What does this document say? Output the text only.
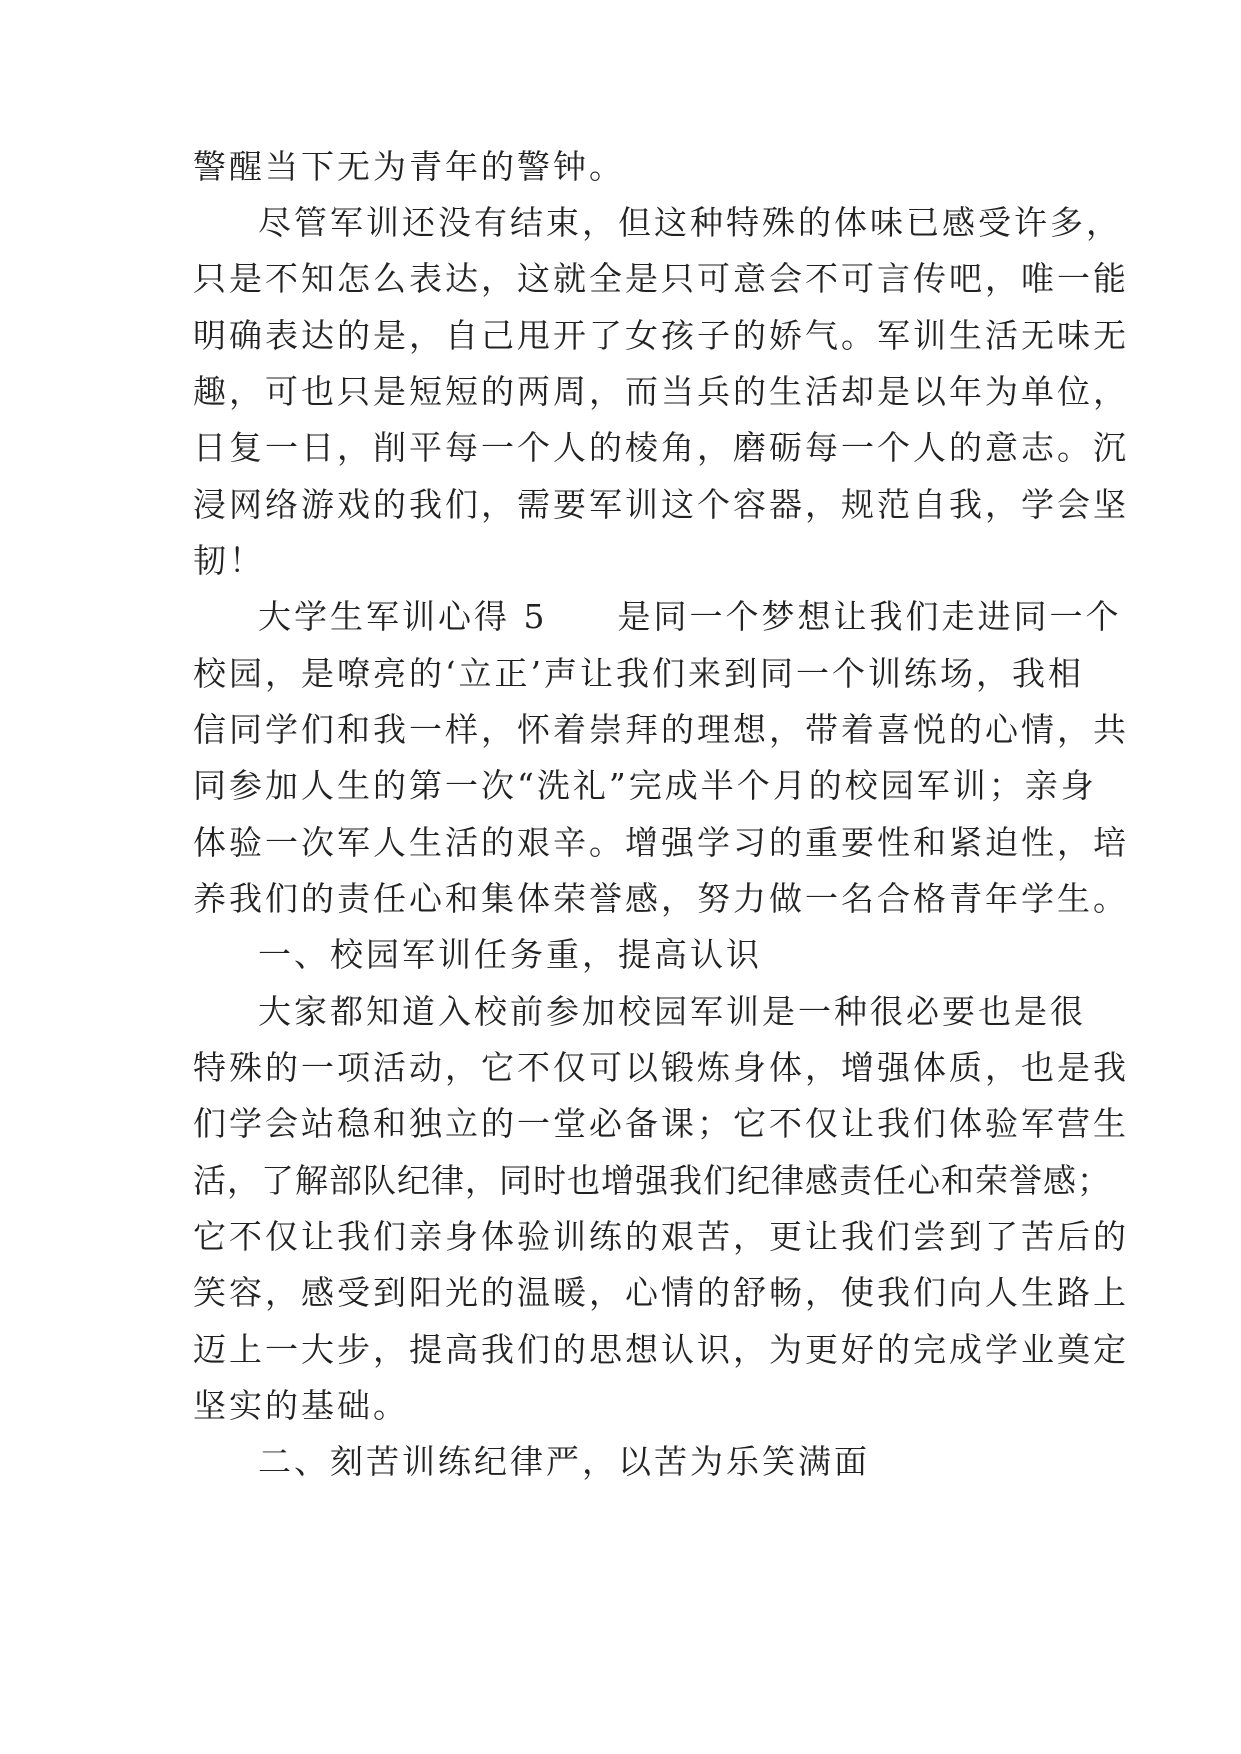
警醒当下无为青年的警钟。
尽管军训还没有结束，但这种特殊的体味已感受许多，
只是不知怎么表达，这就全是只可意会不可言传吧，唯一能
明确表达的是，自己甩开了女孩子的娇气。军训生活无味无
趣，可也只是短短的两周，而当兵的生活却是以年为单位，
日复一日，削平每一个人的棱角，磨砺每一个人的意志。沉
浸网络游戏的我们，需要军训这个容器，规范自我，学会坚
韧！
大学生军训心得 5 是同一个梦想让我们走进同一个
校园，是嘹亮的‘立正’声让我们来到同一个训练场，我相
信同学们和我一样，怀着崇拜的理想，带着喜悦的心情，共
同参加人生的第一次“洗礼”完成半个月的校园军训；亲身
体验一次军人生活的艰辛。增强学习的重要性和紧迫性，培
养我们的责任心和集体荣誉感，努力做一名合格青年学生。
一、校园军训任务重，提高认识
大家都知道入校前参加校园军训是一种很必要也是很
特殊的一项活动，它不仅可以锻炼身体，增强体质，也是我
们学会站稳和独立的一堂必备课；它不仅让我们体验军营生
活，了解部队纪律，同时也增强我们纪律感责任心和荣誉感；
它不仅让我们亲身体验训练的艰苦，更让我们尝到了苦后的
笑容，感受到阳光的温暖，心情的舒畅，使我们向人生路上
迈上一大步，提高我们的思想认识，为更好的完成学业奠定
坚实的基础。
二、刻苦训练纪律严，以苦为乐笑满面
